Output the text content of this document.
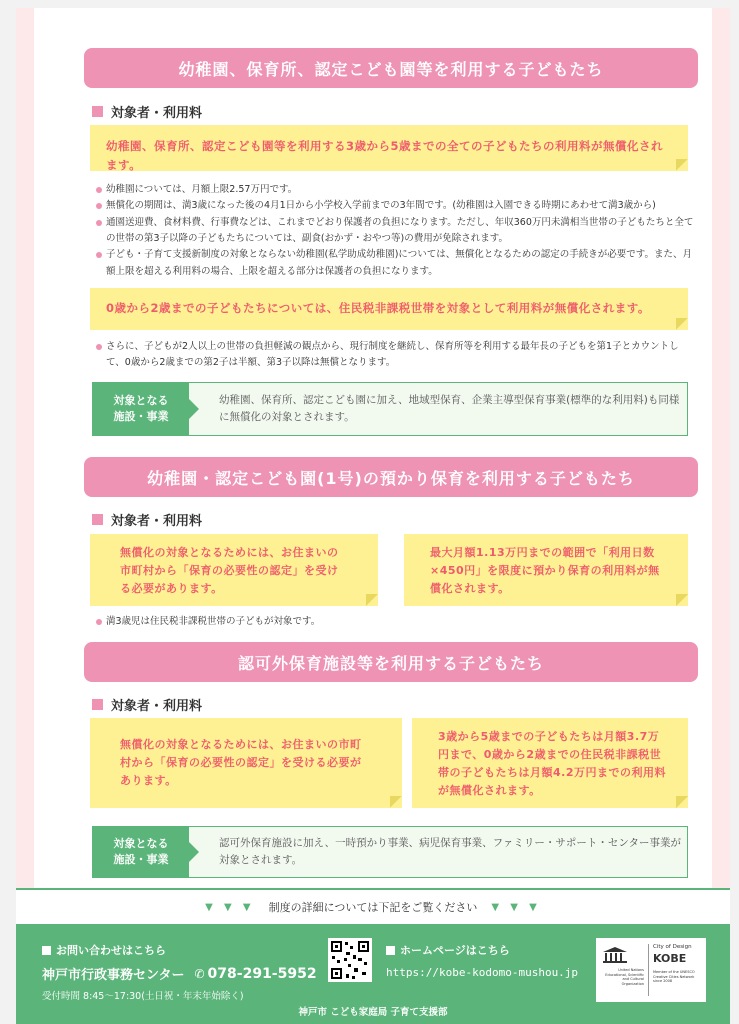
幼稚園、保育所、認定こども園等を利用する子どもたち
対象者・利用料
幼稚園、保育所、認定こども園等を利用する3歳から5歳までの全ての子どもたちの利用料が無償化されます。
幼稚園については、月額上限2.57万円です。
無償化の期間は、満3歳になった後の4月1日から小学校入学前までの3年間です。(幼稚園は入園できる時期にあわせて満3歳から)
通園送迎費、食材料費、行事費などは、これまでどおり保護者の負担になります。ただし、年収360万円未満相当世帯の子どもたちと全ての世帯の第3子以降の子どもたちについては、副食(おかず・おやつ等)の費用が免除されます。
子ども・子育て支援新制度の対象とならない幼稚園(私学助成幼稚園)については、無償化となるための認定の手続きが必要です。また、月額上限を超える利用料の場合、上限を超える部分は保護者の負担になります。
0歳から2歳までの子どもたちについては、住民税非課税世帯を対象として利用料が無償化されます。
さらに、子どもが2人以上の世帯の負担軽減の観点から、現行制度を継続し、保育所等を利用する最年長の子どもを第1子とカウントして、0歳から2歳までの第2子は半額、第3子以降は無償となります。
対象となる施設・事業
幼稚園、保育所、認定こども園に加え、地域型保育、企業主導型保育事業(標準的な利用料)も同様に無償化の対象とされます。
幼稚園・認定こども園(1号)の預かり保育を利用する子どもたち
対象者・利用料
無償化の対象となるためには、お住まいの市町村から「保育の必要性の認定」を受ける必要があります。
最大月額1.13万円までの範囲で「利用日数×450円」を限度に預かり保育の利用料が無償化されます。
満3歳児は住民税非課税世帯の子どもが対象です。
認可外保育施設等を利用する子どもたち
対象者・利用料
無償化の対象となるためには、お住まいの市町村から「保育の必要性の認定」を受ける必要があります。
3歳から5歳までの子どもたちは月額3.7万円まで、0歳から2歳までの住民税非課税世帯の子どもたちは月額4.2万円までの利用料が無償化されます。
対象となる施設・事業
認可外保育施設に加え、一時預かり事業、病児保育事業、ファミリー・サポート・センター事業が対象とされます。
▼ ▼ ▼ 制度の詳細については下記をご覧ください ▼ ▼ ▼
お問い合わせはこちら
神戸市行政事務センター ✆ 078-291-5952
受付時間 8:45〜17:30(土日祝・年末年始除く)
ホームページはこちら
https://kobe-kodomo-mushou.jp	United Nations Educational, Scientific and Cultural Organization
City of Design
KOBE
Member of the UNESCO Creative Cities Network since 2008
神戸市 こども家庭局 子育て支援部
